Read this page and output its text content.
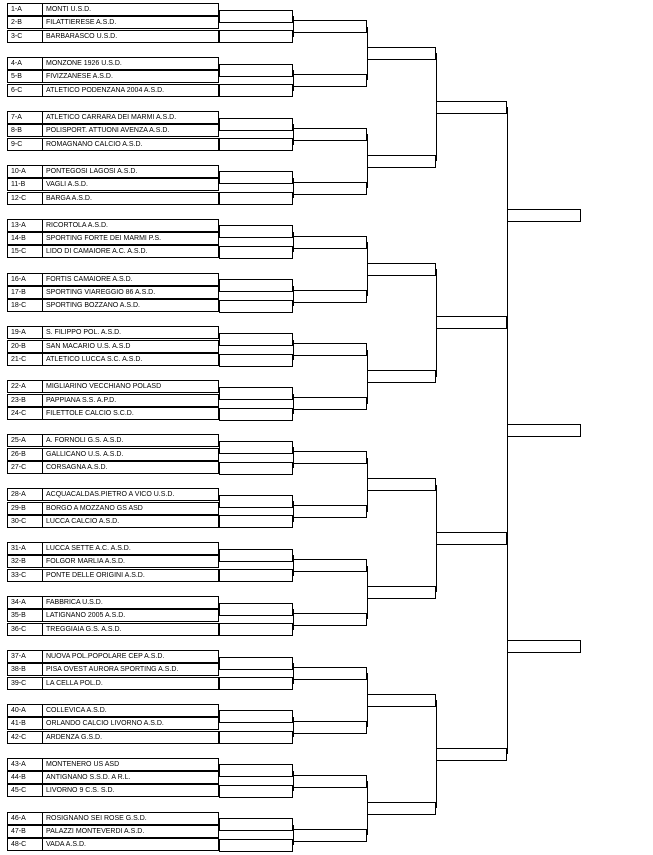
1-A	MONTI U.S.D.
2-B	FILATTIERESE A.S.D.
3-C	BARBARASCO U.S.D.
4-A	MONZONE 1926 U.S.D.
5-B	FIVIZZANESE A.S.D.
6-C	ATLETICO PODENZANA 2004 A.S.D.
7-A	ATLETICO CARRARA DEI MARMI A.S.D.
8-B	POLISPORT. ATTUONI AVENZA A.S.D.
9-C	ROMAGNANO CALCIO A.S.D.
10-A	PONTEGOSI LAGOSI A.S.D.
11-B	VAGLI A.S.D.
12-C	BARGA A.S.D.
13-A	RICORTOLA A.S.D.
14-B	SPORTING FORTE DEI MARMI P.S.
15-C	LIDO DI CAMAIORE A.C. A.S.D.
16-A	FORTIS CAMAIORE A.S.D.
17-B	SPORTING VIAREGGIO 86 A.S.D.
18-C	SPORTING BOZZANO A.S.D.
19-A	S. FILIPPO POL. A.S.D.
20-B	SAN MACARIO U.S. A.S.D
21-C	ATLETICO LUCCA S.C. A.S.D.
22-A	MIGLIARINO VECCHIANO POLASD
23-B	PAPPIANA S.S. A.P.D.
24-C	FILETTOLE CALCIO S.C.D.
25-A	A. FORNOLI G.S. A.S.D.
26-B	GALLICANO U.S. A.S.D.
27-C	CORSAGNA A.S.D.
28-A	ACQUACALDAS.PIETRO A VICO U.S.D.
29-B	BORGO A MOZZANO GS ASD
30-C	LUCCA CALCIO A.S.D.
31-A	LUCCA SETTE A.C. A.S.D.
32-B	FOLGOR MARLIA A.S.D.
33-C	PONTE DELLE ORIGINI A.S.D.
34-A	FABBRICA U.S.D.
35-B	LATIGNANO 2005 A.S.D.
36-C	TREGGIAIA G.S. A.S.D.
37-A	NUOVA POL.POPOLARE CEP A.S.D.
38-B	PISA OVEST AURORA SPORTING A.S.D.
39-C	LA CELLA POL.D.
40-A	COLLEVICA A.S.D.
41-B	ORLANDO CALCIO LIVORNO A.S.D.
42-C	ARDENZA G.S.D.
43-A	MONTENERO US ASD
44-B	ANTIGNANO S.S.D. A R.L.
45-C	LIVORNO 9 C.S. S.D.
46-A	ROSIGNANO SEI ROSE G.S.D.
47-B	PALAZZI MONTEVERDI A.S.D.
48-C	VADA A.S.D.
